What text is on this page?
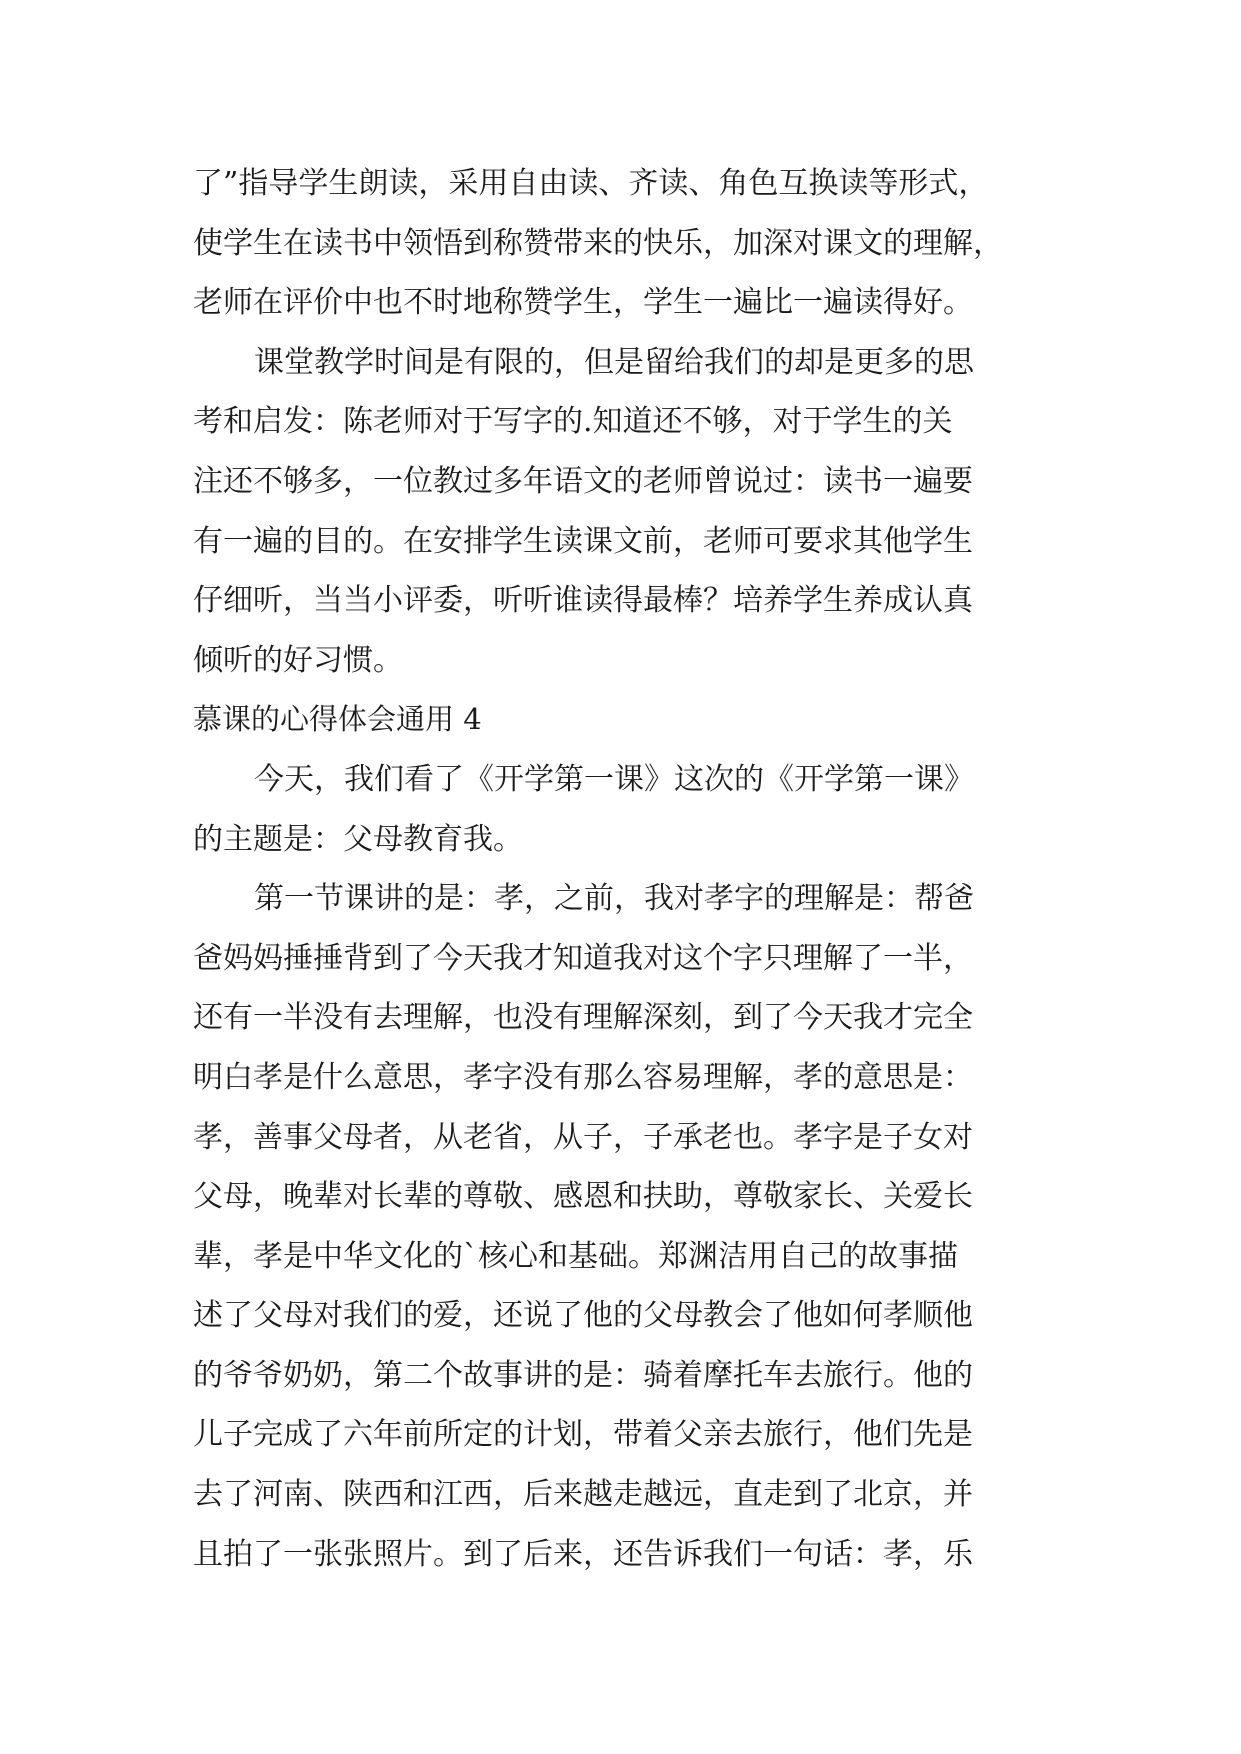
了”指导学生朗读，采用自由读、齐读、角色互换读等形式，
使学生在读书中领悟到称赞带来的快乐，加深对课文的理解，
老师在评价中也不时地称赞学生，学生一遍比一遍读得好。
课堂教学时间是有限的，但是留给我们的却是更多的思
考和启发：陈老师对于写字的.知道还不够，对于学生的关
注还不够多，一位教过多年语文的老师曾说过：读书一遍要
有一遍的目的。在安排学生读课文前，老师可要求其他学生
仔细听，当当小评委，听听谁读得最棒？培养学生养成认真
倾听的好习惯。
慕课的心得体会通用 4
今天，我们看了《开学第一课》这次的《开学第一课》
的主题是：父母教育我。
第一节课讲的是：孝，之前，我对孝字的理解是：帮爸
爸妈妈捶捶背到了今天我才知道我对这个字只理解了一半，
还有一半没有去理解，也没有理解深刻，到了今天我才完全
明白孝是什么意思，孝字没有那么容易理解，孝的意思是：
孝，善事父母者，从老省，从子，子承老也。孝字是子女对
父母，晚辈对长辈的尊敬、感恩和扶助，尊敬家长、关爱长
辈，孝是中华文化的`核心和基础。郑渊洁用自己的故事描
述了父母对我们的爱，还说了他的父母教会了他如何孝顺他
的爷爷奶奶，第二个故事讲的是：骑着摩托车去旅行。他的
儿子完成了六年前所定的计划，带着父亲去旅行，他们先是
去了河南、陕西和江西，后来越走越远，直走到了北京，并
且拍了一张张照片。到了后来，还告诉我们一句话：孝，乐
